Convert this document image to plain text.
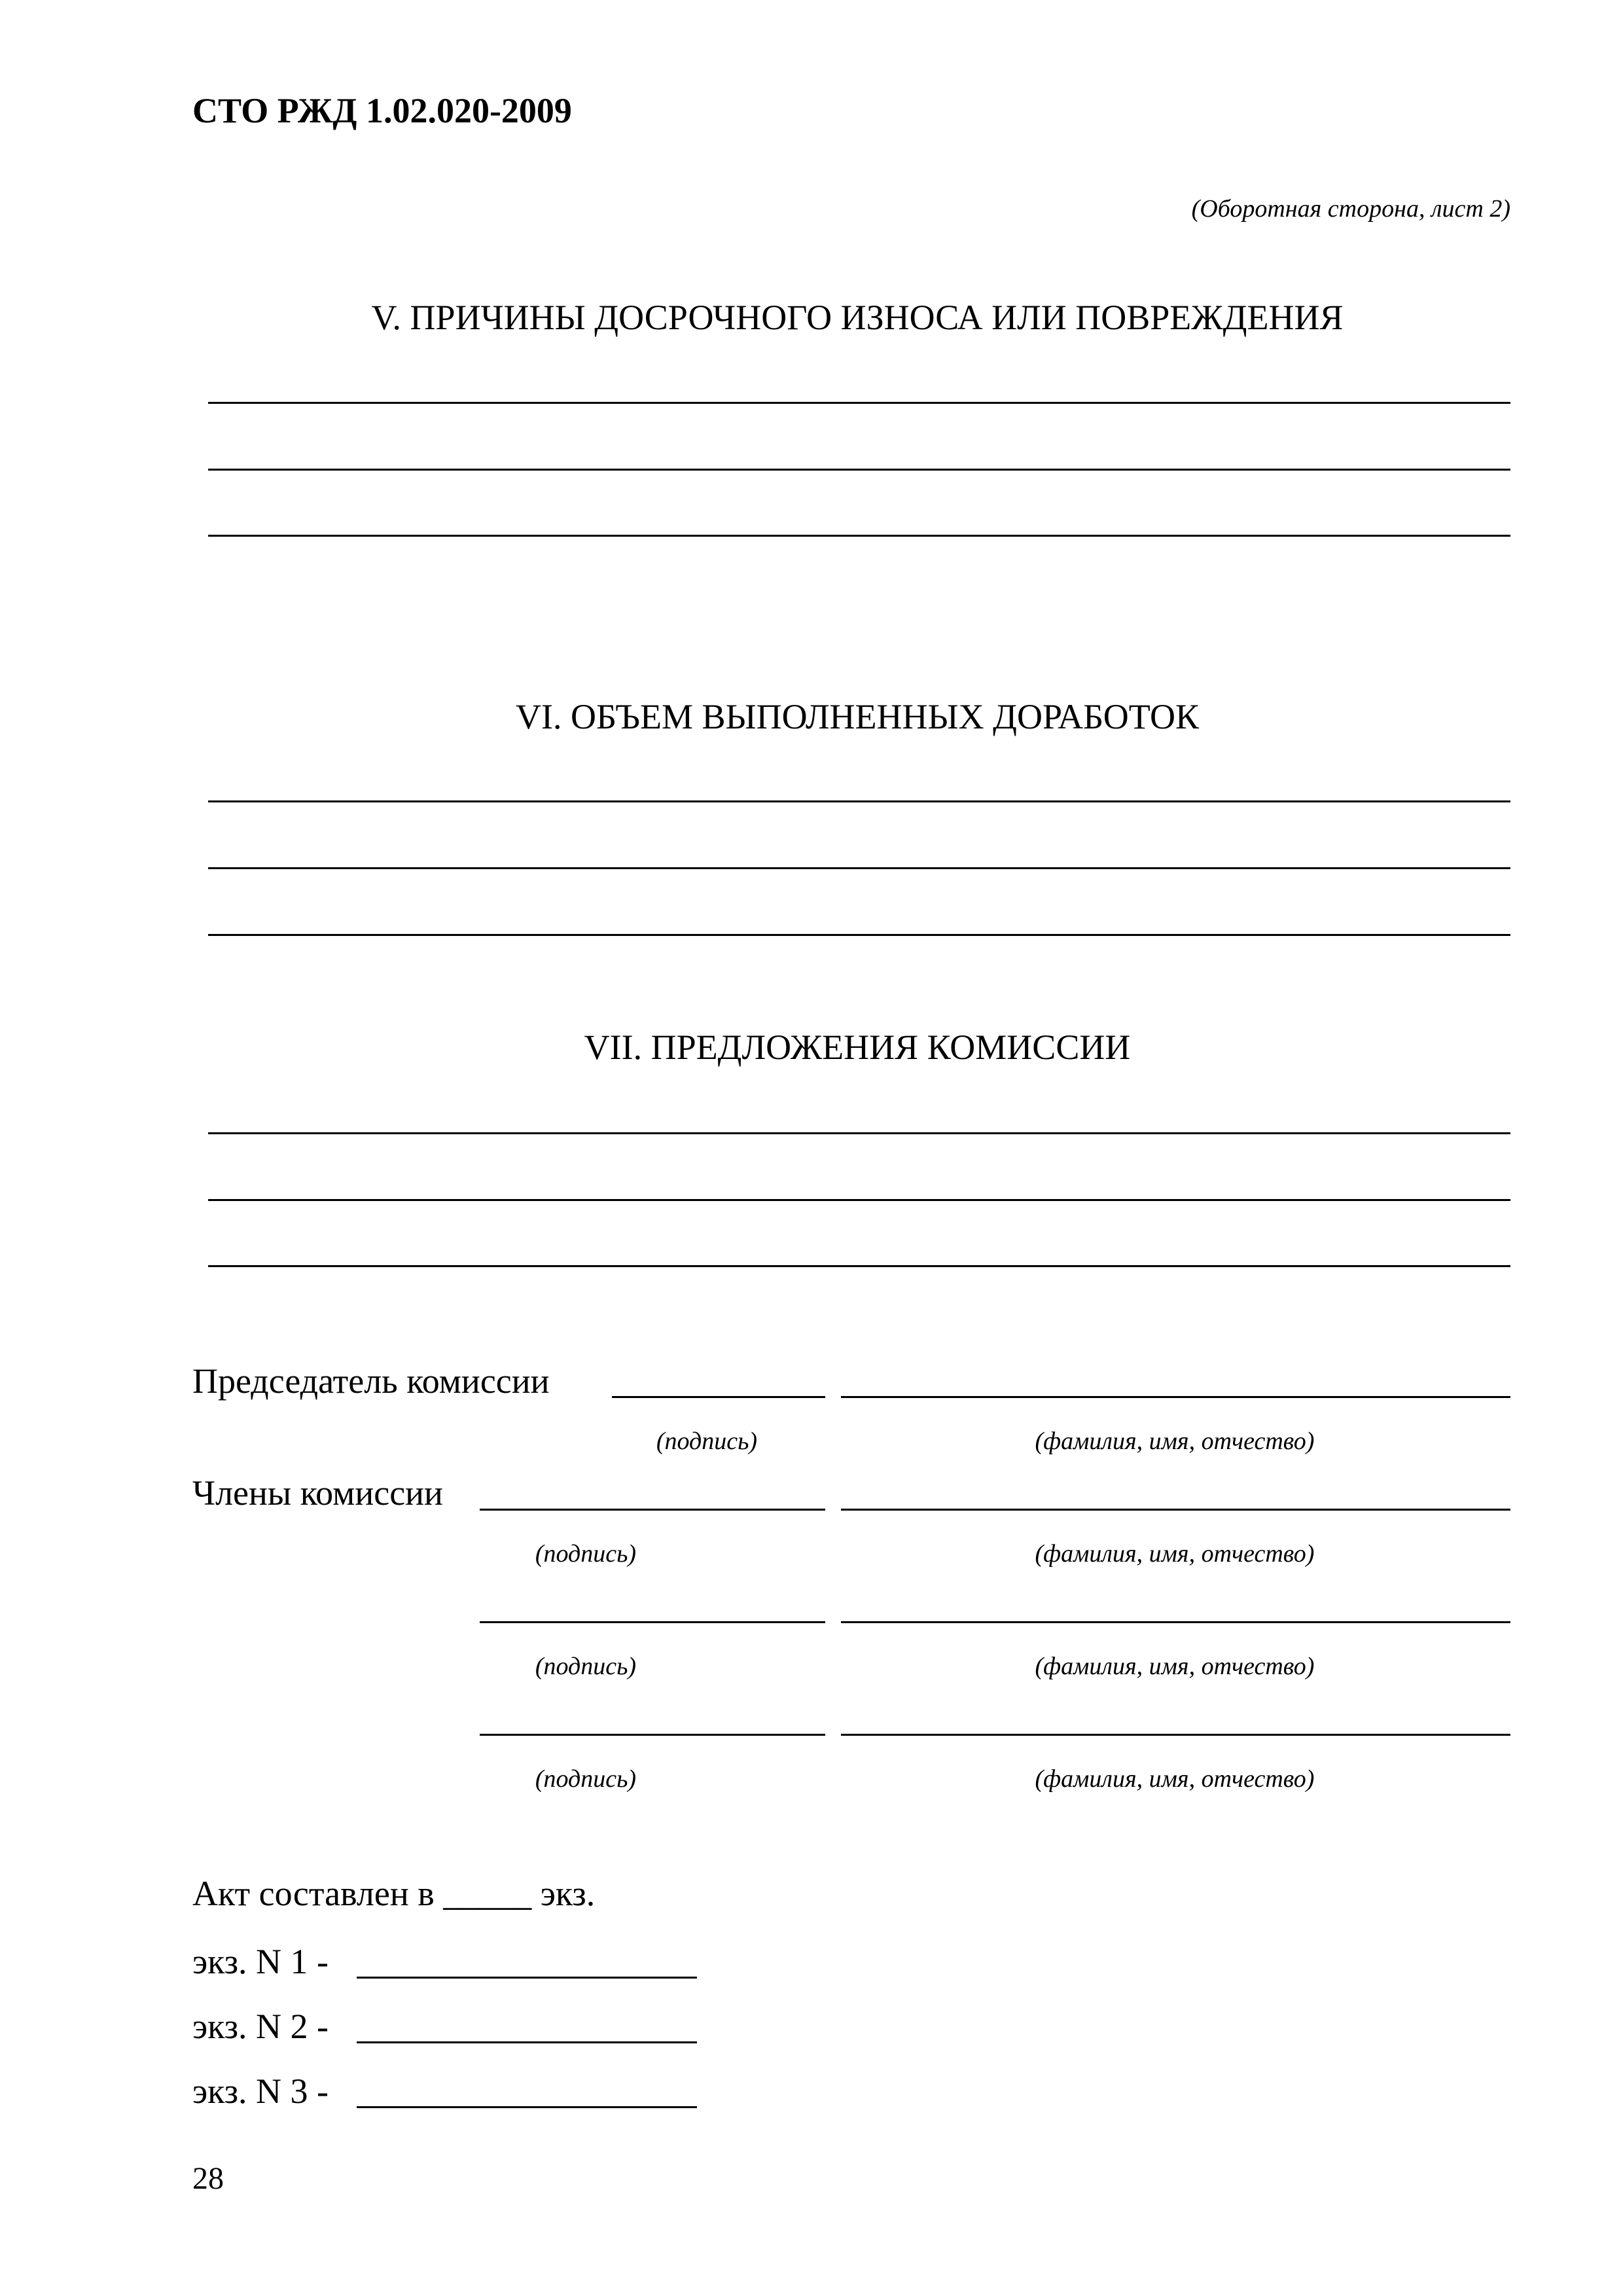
СТО РЖД 1.02.020-2009
(Оборотная сторона, лист 2)
V. ПРИЧИНЫ ДОСРОЧНОГО ИЗНОСА ИЛИ ПОВРЕЖДЕНИЯ
VI. ОБЪЕМ ВЫПОЛНЕННЫХ ДОРАБОТОК
VII. ПРЕДЛОЖЕНИЯ КОМИССИИ
Председатель комиссии
(подпись)	(фамилия, имя, отчество)
Члены комиссии
(подпись)	(фамилия, имя, отчество)
(подпись)	(фамилия, имя, отчество)
(подпись)	(фамилия, имя, отчество)
Акт составлен в _____ экз.
экз. N 1 -
экз. N 2 -
экз. N 3 -
28
